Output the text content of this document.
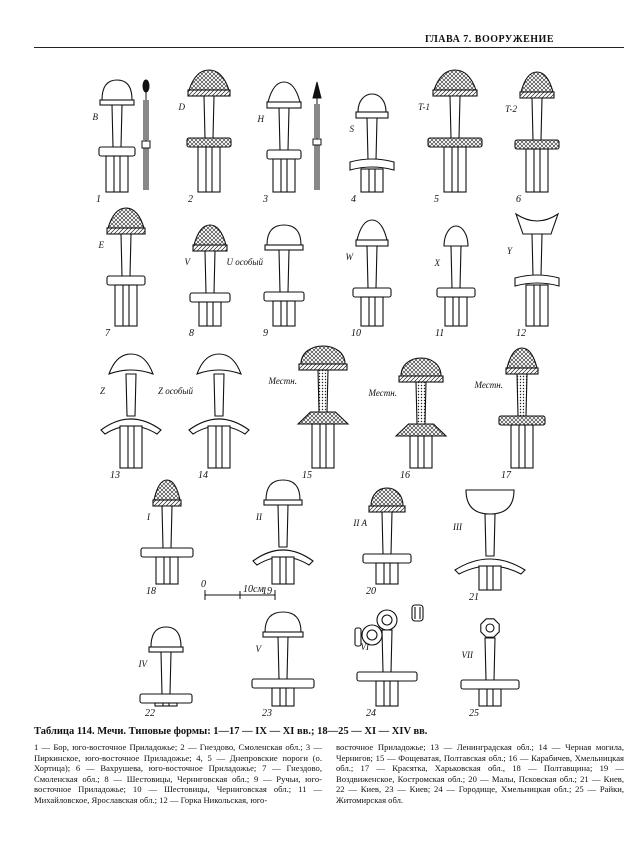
ГЛАВА 7. ВООРУЖЕНИЕ
B
1
D
2
H
3
S
4
T-1
5
T-2
6
E
7
V
8
U особый
9
W
10
X
11
Y
12
Z
13
Z особый
14
Местн.
15
Местн.
16
Местн.
17
I
18
II
19
II A
20
III
21
IV
22
V
23
VI
24
VII
25
0	10см
Таблица 114. Мечи. Типовые формы: 1—17 — IX — XI вв.; 18—25 — XI — XIV вв.
1 — Бор, юго-восточное Приладожье; 2 — Гнездово, Смоленская обл.; 3 — Пиркинское, юго-восточное Приладожье; 4, 5 — Днепровские пороги (о. Хортица); 6 — Вахрушева, юго-восточное Приладожье; 7 — Гнездово, Смоленская обл.; 8 — Шестовицы, Черниговская обл.; 9 — Ручьи, юго-восточное Приладожье; 10 — Шестовицы, Черниговская обл.; 11 — Михайловское, Ярославская обл.; 12 — Горка Никольская, юго-
восточное Приладожье; 13 — Ленинградская обл.; 14 — Черная могила, Чернигов; 15 — Фощеватая, Полтавская обл.; 16 — Карабичев, Хмельницкая обл.; 17 — Красятка, Харьковская обл., 18 — Полтавщина; 19 — Воздвиженское, Костромская обл.; 20 — Малы, Псковская обл.; 21 — Киев, 22 — Киев, 23 — Киев; 24 — Городище, Хмельницкая обл.; 25 — Райки, Житомирская обл.
